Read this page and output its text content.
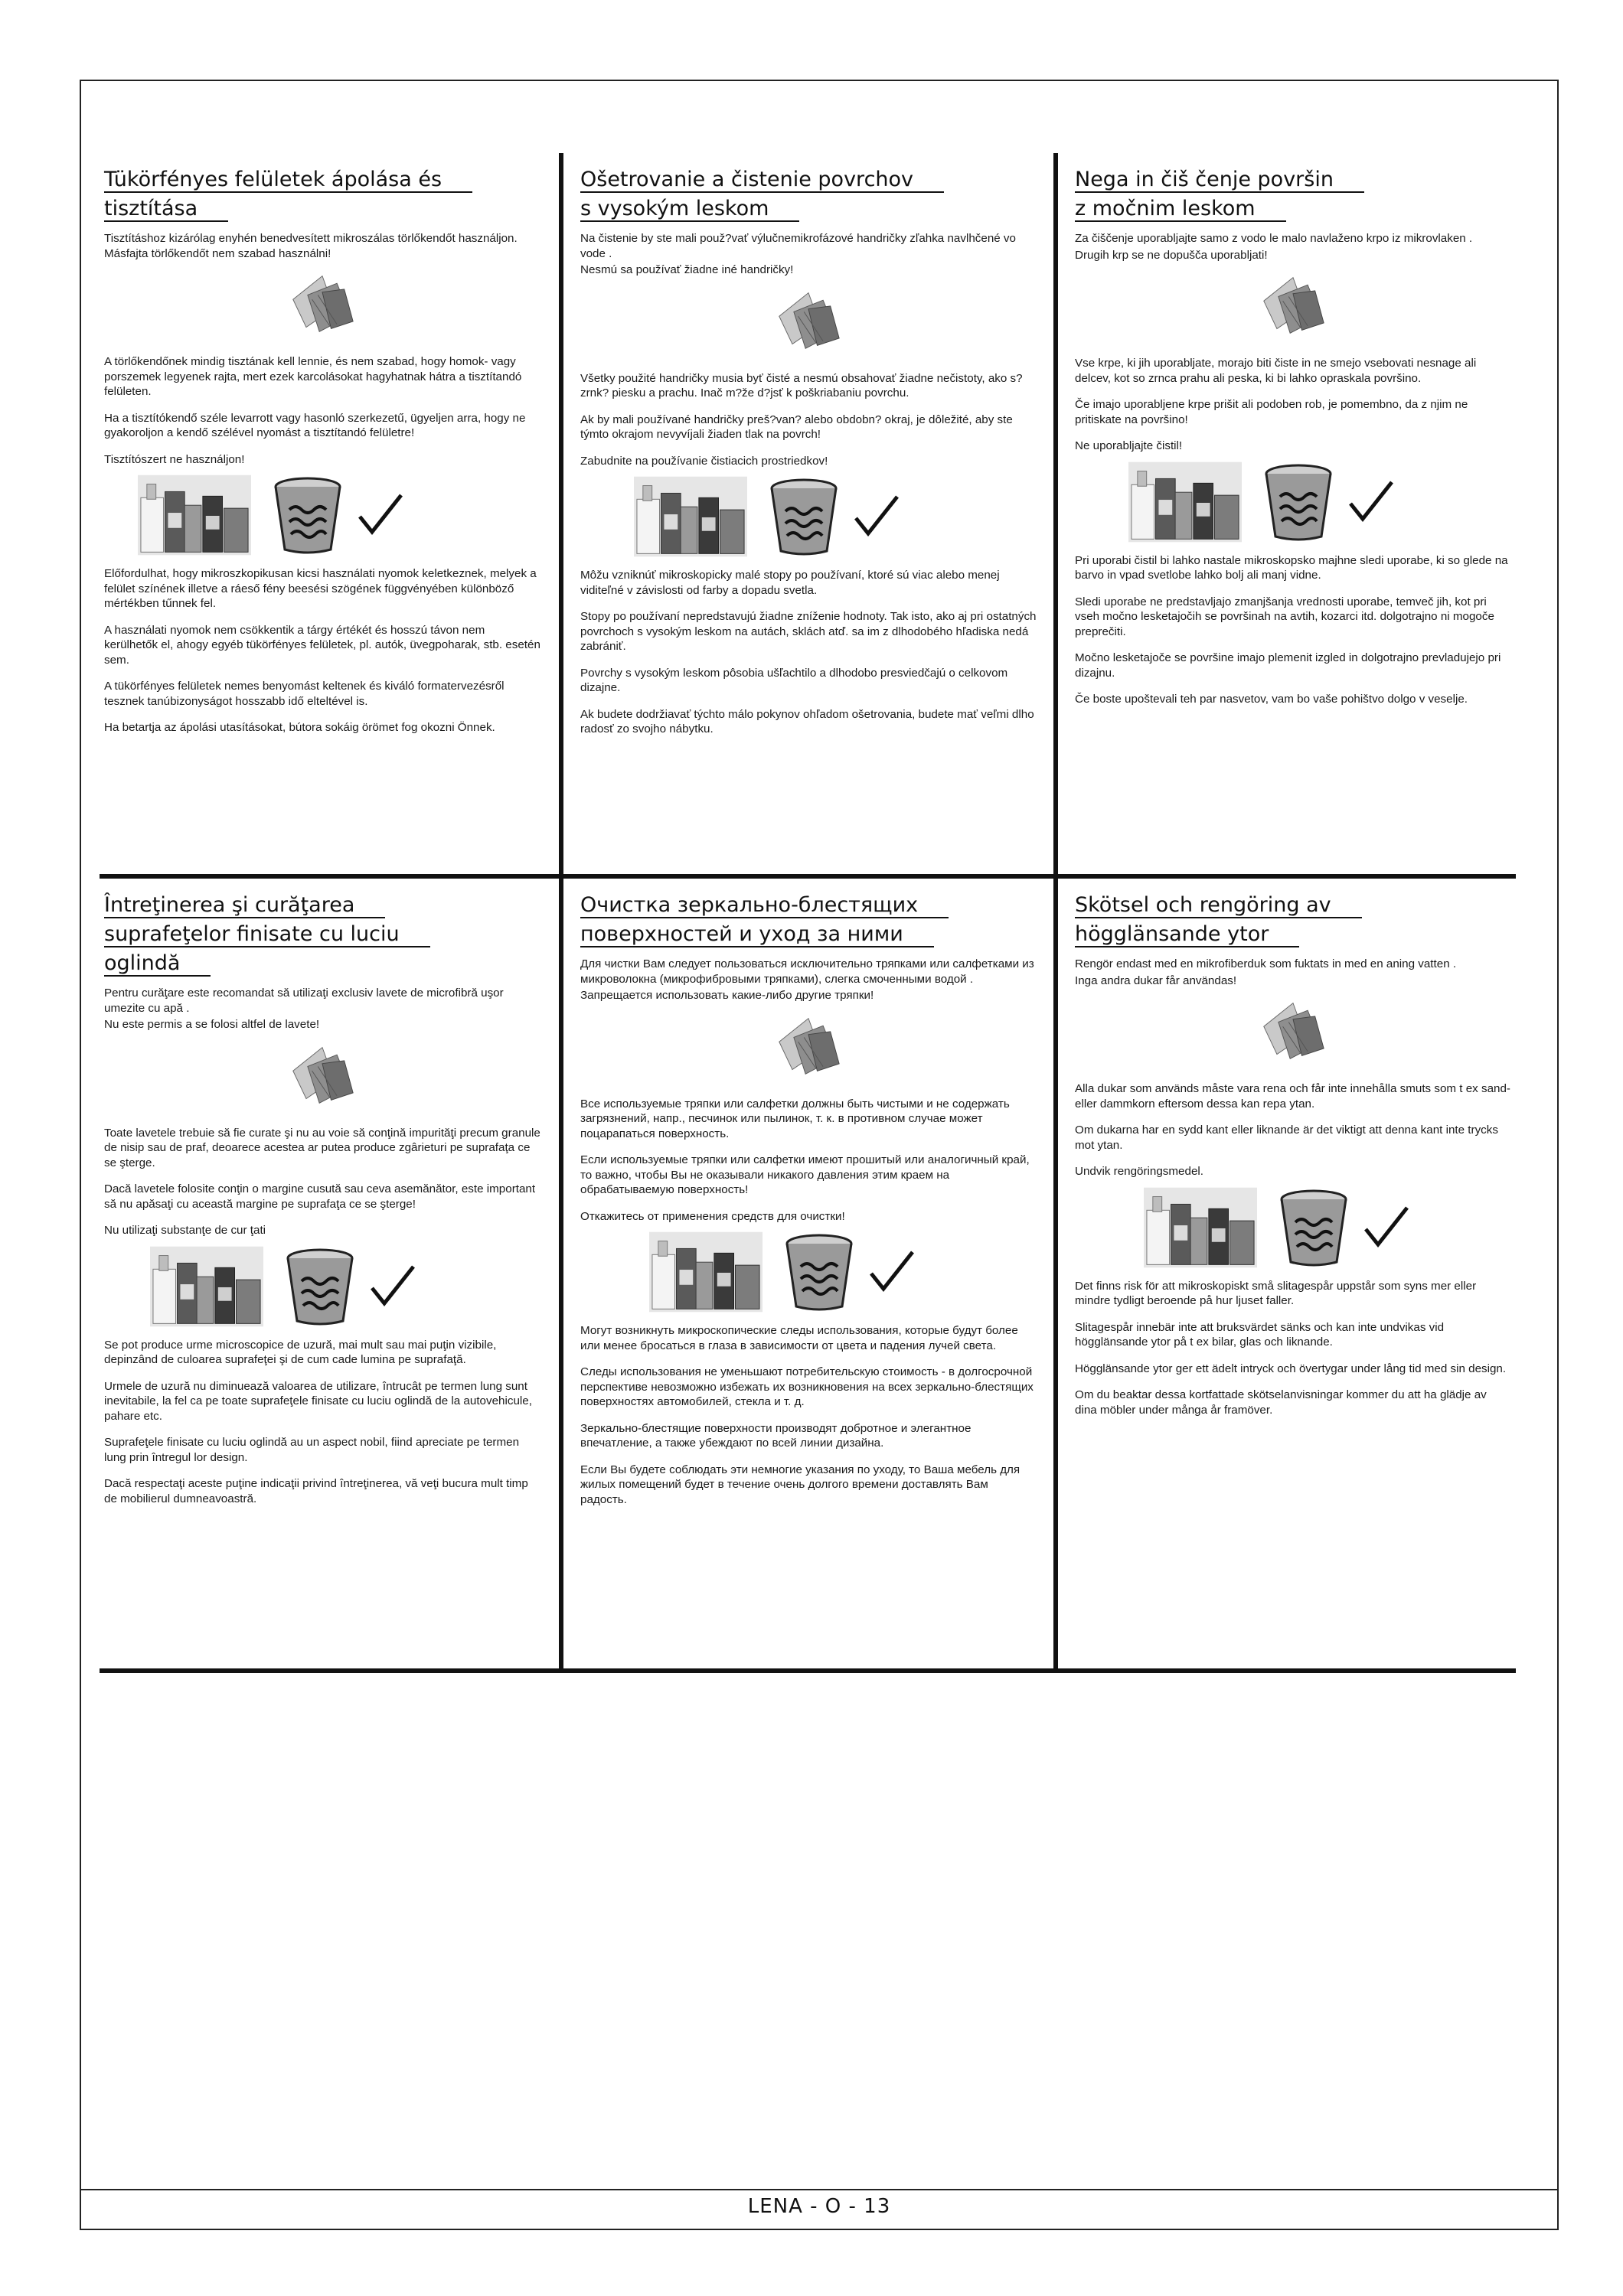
Tükörfényes felületek ápolása és
tisztítása

Tisztításhoz kizárólag enyhén benedvesített mikroszálas törlőkendőt használjon. Másfajta törlőkendőt nem szabad használni!

A törlőkendőnek mindig tisztának kell lennie, és nem szabad, hogy homok- vagy porszemek legyenek rajta, mert ezek karcolásokat hagyhatnak hátra a tisztítandó felületen.

Ha a tisztítókendő széle levarrott vagy hasonló szerkezetű, ügyeljen arra, hogy ne gyakoroljon a kendő szélével nyomást a tisztítandó felületre!

Tisztítószert ne használjon!

Előfordulhat, hogy mikroszkopikusan kicsi használati nyomok keletkeznek, melyek a felület színének illetve a ráeső fény beesési szögének függvényében különböző mértékben tűnnek fel.

A használati nyomok nem csökkentik a tárgy értékét és hosszú távon nem kerülhetők el, ahogy egyéb tükörfényes felületek, pl. autók, üvegpoharak, stb. esetén sem.

A tükörfényes felületek nemes benyomást keltenek és kiváló formatervezésről tesznek tanúbizonyságot hosszabb idő elteltével is.

Ha betartja az ápolási utasításokat, bútora sokáig örömet fog okozni Önnek.

Ošetrovanie a čistenie povrchov
s vysokým leskom

Na čistenie by ste mali použ?vať výlučnemikrofázové handričky zľahka navlhčené vo vode .

Nesmú sa používať žiadne iné handričky!

Všetky použité handričky musia byť čisté a nesmú obsahovať žiadne nečistoty, ako s? zrnk? piesku a prachu. Inač m?že d?jsť k poškriabaniu povrchu.

Ak by mali používané handričky preš?van? alebo obdobn? okraj, je dôležité, aby ste týmto okrajom nevyvíjali žiaden tlak na povrch!

Zabudnite na používanie čistiacich prostriedkov!

Môžu vzniknúť mikroskopicky malé stopy po používaní, ktoré sú viac alebo menej viditeľné v závislosti od farby a dopadu svetla.

Stopy po používaní nepredstavujú žiadne zníženie hodnoty. Tak isto, ako aj pri ostatných povrchoch s vysokým leskom na autách, sklách atď. sa im z dlhodobého hľadiska nedá zabrániť.

Povrchy s vysokým leskom pôsobia ušľachtilo a dlhodobo presviedčajú o celkovom dizajne.

Ak budete dodržiavať týchto málo pokynov ohľadom ošetrovania, budete mať veľmi dlho radosť zo svojho nábytku.

Nega in čiš čenje površin
z močnim leskom

Za čiščenje uporabljajte samo z vodo le malo navlaženo krpo iz mikrovlaken .

Drugih krp se ne dopušča uporabljati!

Vse krpe, ki jih uporabljate, morajo biti čiste in ne smejo vsebovati nesnage ali delcev, kot so zrnca prahu ali peska, ki bi lahko opraskala površino.

Če imajo uporabljene krpe prišit ali podoben rob, je pomembno, da z njim ne pritiskate na površino!

Ne uporabljajte čistil!

Pri uporabi čistil bi lahko nastale mikroskopsko majhne sledi uporabe, ki so glede na barvo in vpad svetlobe lahko bolj ali manj vidne.

Sledi uporabe ne predstavljajo zmanjšanja vrednosti uporabe, temveč jih, kot pri vseh močno lesketajočih se površinah na avtih, kozarci itd. dolgotrajno ni mogoče preprečiti.

Močno lesketajoče se površine imajo plemenit izgled in dolgotrajno prevladujejo pri dizajnu.

Če boste upoštevali teh par nasvetov, vam bo vaše pohištvo dolgo v veselje.

Întreţinerea şi curăţarea
suprafeţelor finisate cu luciu
oglindă

Pentru curăţare este recomandat să utilizaţi exclusiv lavete de microfibră uşor umezite cu apă .

Nu este permis a se folosi altfel de lavete!

Toate lavetele trebuie să fie curate şi nu au voie să conţină impurităţi precum granule de nisip sau de praf, deoarece acestea ar putea produce zgârieturi pe suprafaţa ce se şterge.

Dacă lavetele folosite conţin o margine cusută sau ceva asemănător, este important să nu apăsaţi cu această margine pe suprafaţa ce se şterge!

Nu utilizaţi substanţe de cur ţati

Se pot produce urme microscopice de uzură, mai mult sau mai puţin vizibile, depinzând de culoarea suprafeţei şi de cum cade lumina pe suprafaţă.

Urmele de uzură nu diminuează valoarea de utilizare, întrucât pe termen lung sunt inevitabile, la fel ca pe toate suprafeţele finisate cu luciu oglindă de la autovehicule, pahare etc.

Suprafeţele finisate cu luciu oglindă au un aspect nobil, fiind apreciate pe termen lung prin întregul lor design.

Dacă respectaţi aceste puţine indicaţii privind întreţinerea, vă veţi bucura mult timp de mobilierul dumneavoastră.

Очистка зеркально-блестящих
поверхностей и уход за ними

Для чистки Вам следует пользоваться исключительно тряпками или салфетками из микроволокна (микрофибровыми тряпками), слегка смоченными водой .

Запрещается использовать какие-либо другие тряпки!

Все используемые тряпки или салфетки должны быть чистыми и не содержать загрязнений, напр., песчинок или пылинок, т. к. в противном случае может поцарапаться поверхность.

Если используемые тряпки или салфетки имеют прошитый или аналогичный край, то важно, чтобы Вы не оказывали никакого давления этим краем на обрабатываемую поверхность!

Откажитесь от применения средств для очистки!

Могут возникнуть микроскопические следы использования, которые будут более или менее бросаться в глаза в зависимости от цвета и падения лучей света.

Следы использования не уменьшают потребительскую стоимость - в долгосрочной перспективе невозможно избежать их возникновения на всех зеркально-блестящих поверхностях автомобилей, стекла и т. д.

Зеркально-блестящие поверхности производят добротное и элегантное впечатление, а также убеждают по всей линии дизайна.

Если Вы будете соблюдать эти немногие указания по уходу, то Ваша мебель для жилых помещений будет в течение очень долгого времени доставлять Вам радость.

Skötsel och rengöring av
högglänsande ytor

Rengör endast med en mikrofiberduk som fuktats in med en aning vatten .

Inga andra dukar får användas!

Alla dukar som används måste vara rena och får inte innehålla smuts som t ex sand- eller dammkorn eftersom dessa kan repa ytan.

Om dukarna har en sydd kant eller liknande är det viktigt att denna kant inte trycks mot ytan.

Undvik rengöringsmedel.

Det finns risk för att mikroskopiskt små slitagespår uppstår som syns mer eller mindre tydligt beroende på hur ljuset faller.

Slitagespår innebär inte att bruksvärdet sänks och kan inte undvikas vid högglänsande ytor på t ex bilar, glas och liknande.

Högglänsande ytor ger ett ädelt intryck och övertygar under lång tid med sin design.

Om du beaktar dessa kortfattade skötselanvisningar kommer du att ha glädje av dina möbler under många år framöver.

LENA - O - 13
